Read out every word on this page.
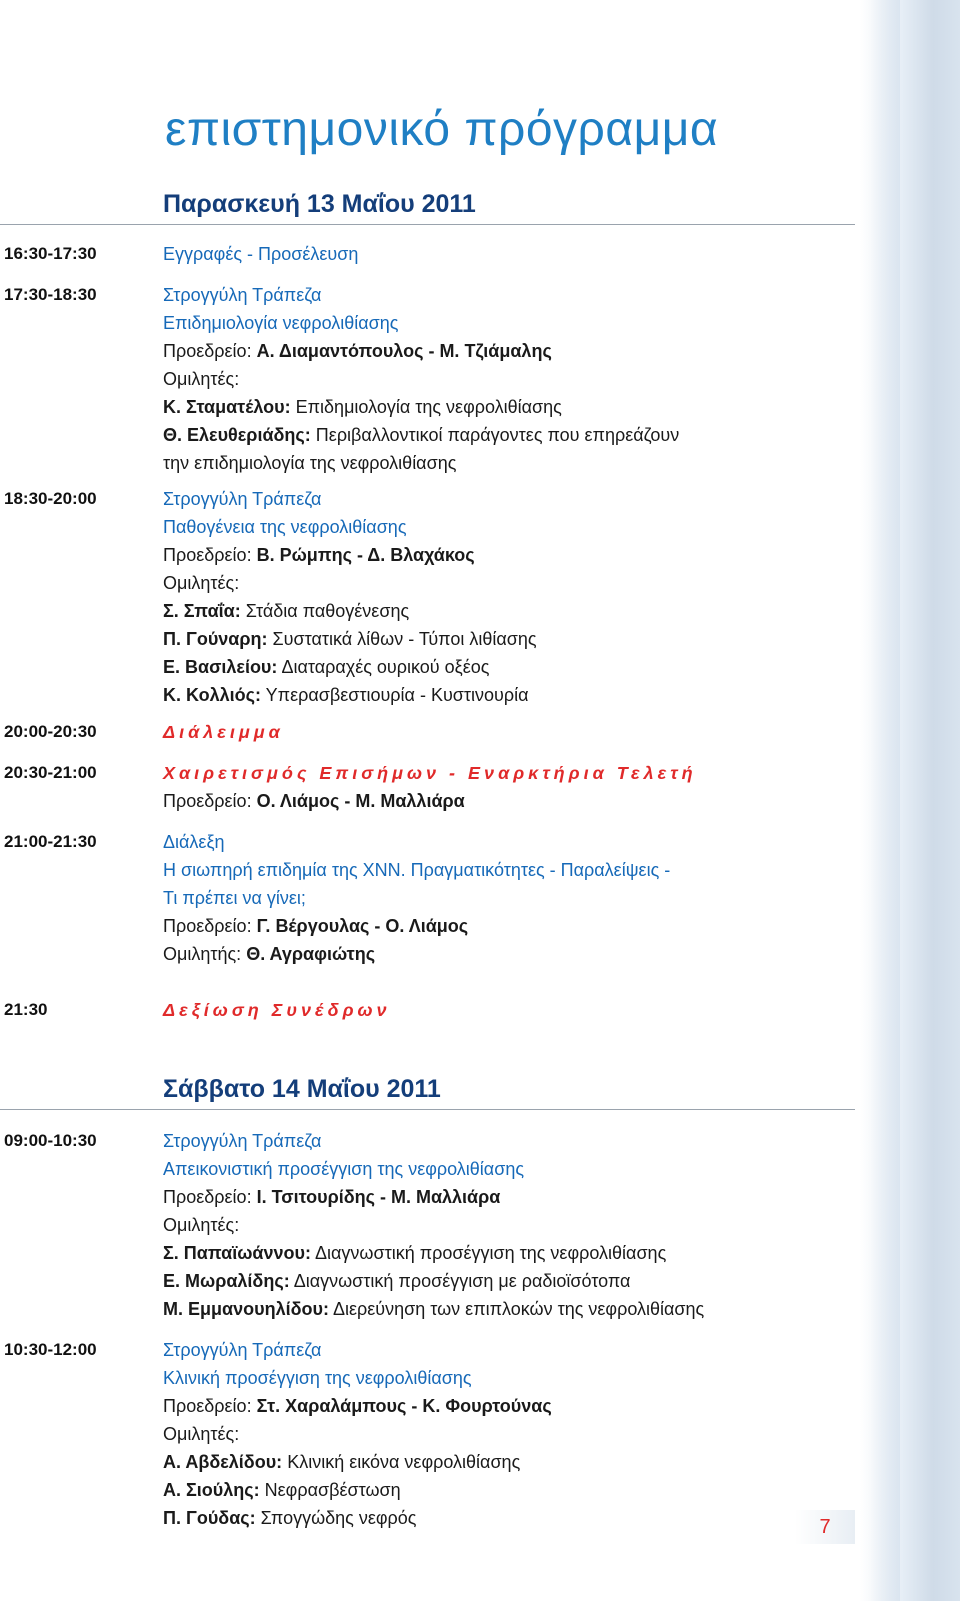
επιστημονικό πρόγραμμα
Παρασκευή 13 Μαΐου 2011
16:30-17:30	Εγγραφές - Προσέλευση
17:30-18:30	Στρογγύλη Τράπεζα
Επιδημιολογία νεφρολιθίασης
Προεδρείο: Α. Διαμαντόπουλος - Μ. Τζιάμαλης
Ομιλητές:
Κ. Σταματέλου: Επιδημιολογία της νεφρολιθίασης
Θ. Ελευθεριάδης: Περιβαλλοντικοί παράγοντες που επηρεάζουν
την επιδημιολογία της νεφρολιθίασης
18:30-20:00	Στρογγύλη Τράπεζα
Παθογένεια της νεφρολιθίασης
Προεδρείο: Β. Ρώμπης - Δ. Βλαχάκος
Ομιλητές:
Σ. Σπαΐα: Στάδια παθογένεσης
Π. Γούναρη: Συστατικά λίθων - Τύποι λιθίασης
Ε. Βασιλείου: Διαταραχές ουρικού οξέος
Κ. Κολλιός: Υπερασβεστιουρία - Κυστινουρία
20:00-20:30	Διάλειμμα
20:30-21:00	Χαιρετισμός Επισήμων - Εναρκτήρια Τελετή
Προεδρείο: Ο. Λιάμος - Μ. Μαλλιάρα
21:00-21:30	Διάλεξη
Η σιωπηρή επιδημία της ΧΝΝ. Πραγματικότητες - Παραλείψεις -
Τι πρέπει να γίνει;
Προεδρείο: Γ. Βέργουλας - Ο. Λιάμος
Ομιλητής: Θ. Αγραφιώτης
21:30	Δεξίωση Συνέδρων
Σάββατο 14 Μαΐου 2011
09:00-10:30	Στρογγύλη Τράπεζα
Απεικονιστική προσέγγιση της νεφρολιθίασης
Προεδρείο: Ι. Τσιτουρίδης - Μ. Μαλλιάρα
Ομιλητές:
Σ. Παπαϊωάννου: Διαγνωστική προσέγγιση της νεφρολιθίασης
Ε. Μωραλίδης: Διαγνωστική προσέγγιση με ραδιοϊσότοπα
Μ. Εμμανουηλίδου: Διερεύνηση των επιπλοκών της νεφρολιθίασης
10:30-12:00	Στρογγύλη Τράπεζα
Κλινική προσέγγιση της νεφρολιθίασης
Προεδρείο: Στ. Χαραλάμπους - Κ. Φουρτούνας
Ομιλητές:
Α. Αβδελίδου: Κλινική εικόνα νεφρολιθίασης
Α. Σιούλης: Νεφρασβέστωση
Π. Γούδας: Σπογγώδης νεφρός	7
